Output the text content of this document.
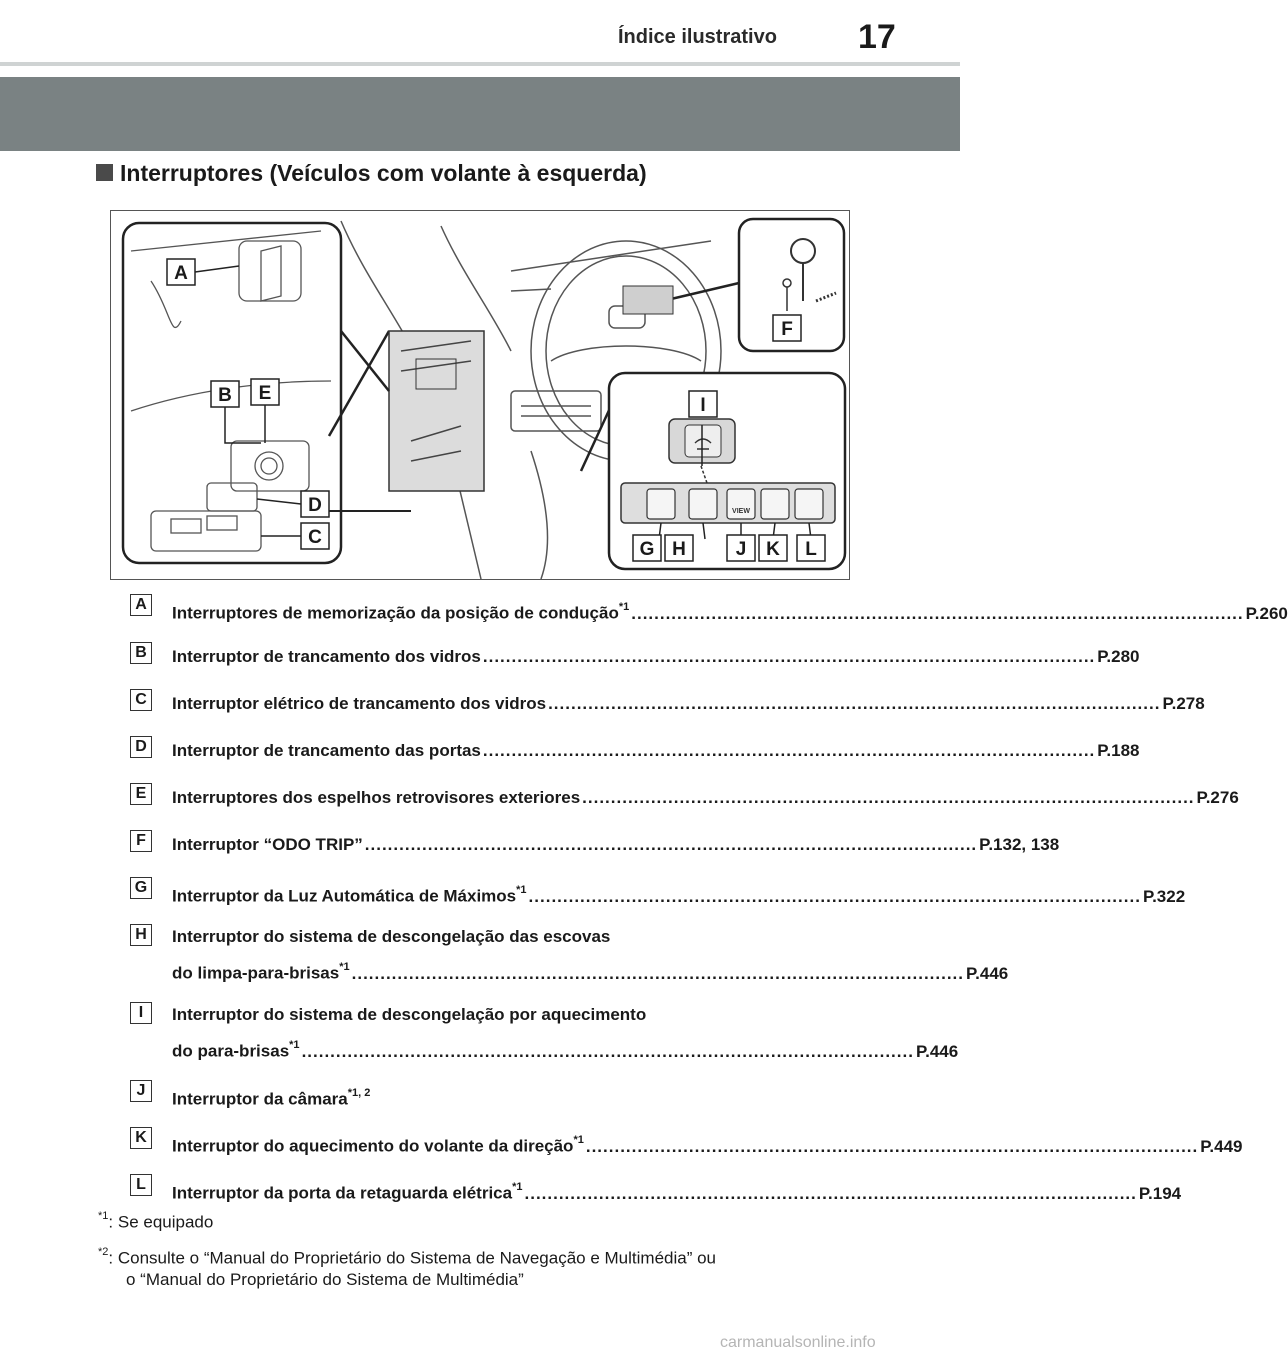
Índice ilustrativo 17
Interruptores (Veículos com volante à esquerda)
VIEW
A
B E
D
C
F
I
G H	J K L
A	Interruptores de memorização da posição de condução$^{*1}$ ........................................................................................................... P.260
B	Interruptor de trancamento dos vidros ........................................................................................................... P.280
C	Interruptor elétrico de trancamento dos vidros ........................................................................................................... P.278
D	Interruptor de trancamento das portas ........................................................................................................... P.188
E	Interruptores dos espelhos retrovisores exteriores ........................................................................................................... P.276
F	Interruptor “ODO TRIP” ........................................................................................................... P.132, 138
G Interruptor da Luz Automática de Máximos$^{*1}$ ........................................................................................................... P.322
H	Interruptor do sistema de descongelação das escovas
do limpa-para-brisas$^{*1}$ ........................................................................................................... P.446
I	Interruptor do sistema de descongelação por aquecimento
do para-brisas$^{*1}$ ........................................................................................................... P.446
J	Interruptor da câmara$^{*1, 2}$
K	Interruptor do aquecimento do volante da direção$^{*1}$ ........................................................................................................... P.449
L	Interruptor da porta da retaguarda elétrica$^{*1}$ ........................................................................................................... P.194
$^{*1}$: Se equipado
$^{*2}$: Consulte o “Manual do Proprietário do Sistema de Navegação e Multimédia” ou
o “Manual do Proprietário do Sistema de Multimédia”
carmanualsonline.info
